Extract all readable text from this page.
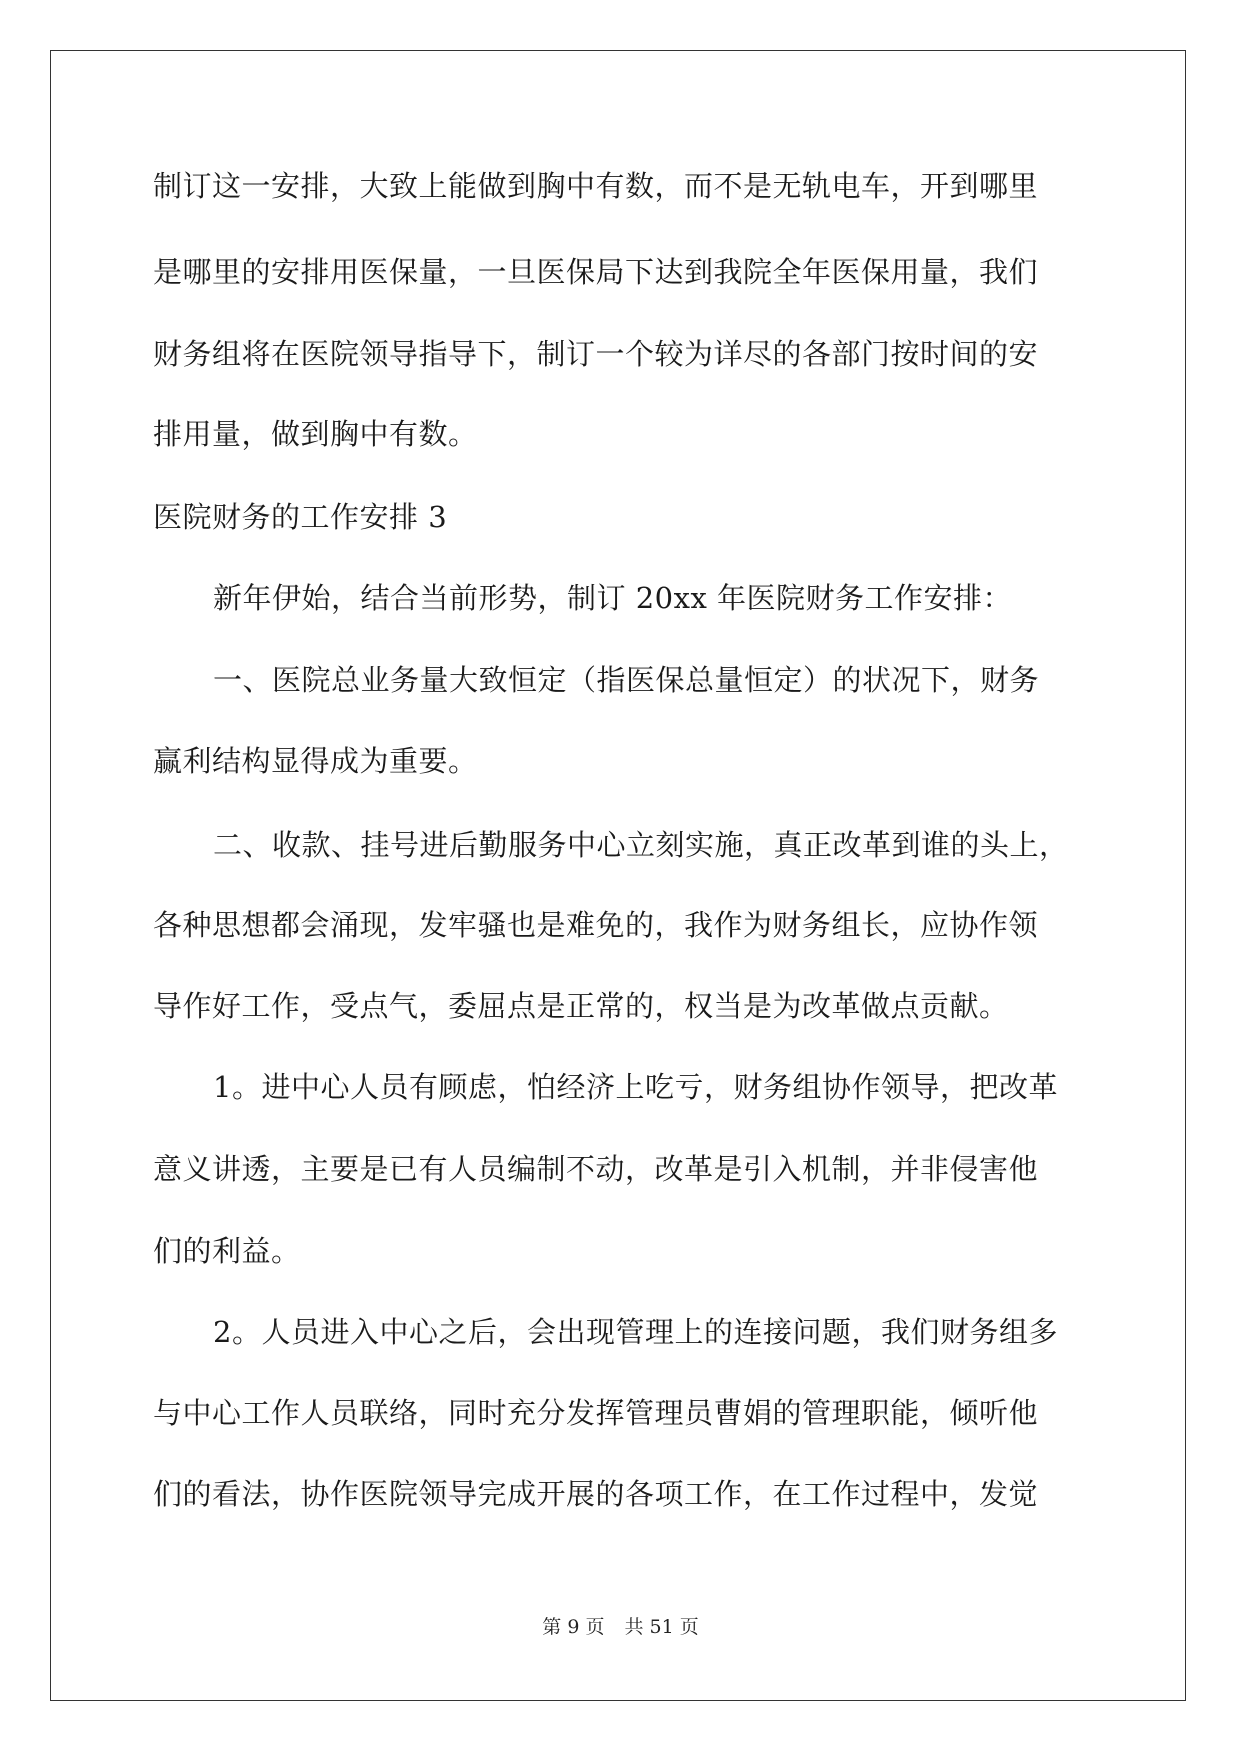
制订这一安排，大致上能做到胸中有数，而不是无轨电车，开到哪里
是哪里的安排用医保量，一旦医保局下达到我院全年医保用量，我们
财务组将在医院领导指导下，制订一个较为详尽的各部门按时间的安
排用量，做到胸中有数。
医院财务的工作安排 3
新年伊始，结合当前形势，制订 20xx 年医院财务工作安排：
一、医院总业务量大致恒定（指医保总量恒定）的状况下，财务
赢利结构显得成为重要。
二、收款、挂号进后勤服务中心立刻实施，真正改革到谁的头上，
各种思想都会涌现，发牢骚也是难免的，我作为财务组长，应协作领
导作好工作，受点气，委屈点是正常的，权当是为改革做点贡献。
1。进中心人员有顾虑，怕经济上吃亏，财务组协作领导，把改革
意义讲透，主要是已有人员编制不动，改革是引入机制，并非侵害他
们的利益。
2。人员进入中心之后，会出现管理上的连接问题，我们财务组多
与中心工作人员联络，同时充分发挥管理员曹娟的管理职能，倾听他
们的看法，协作医院领导完成开展的各项工作，在工作过程中，发觉
第 9 页 共 51 页
